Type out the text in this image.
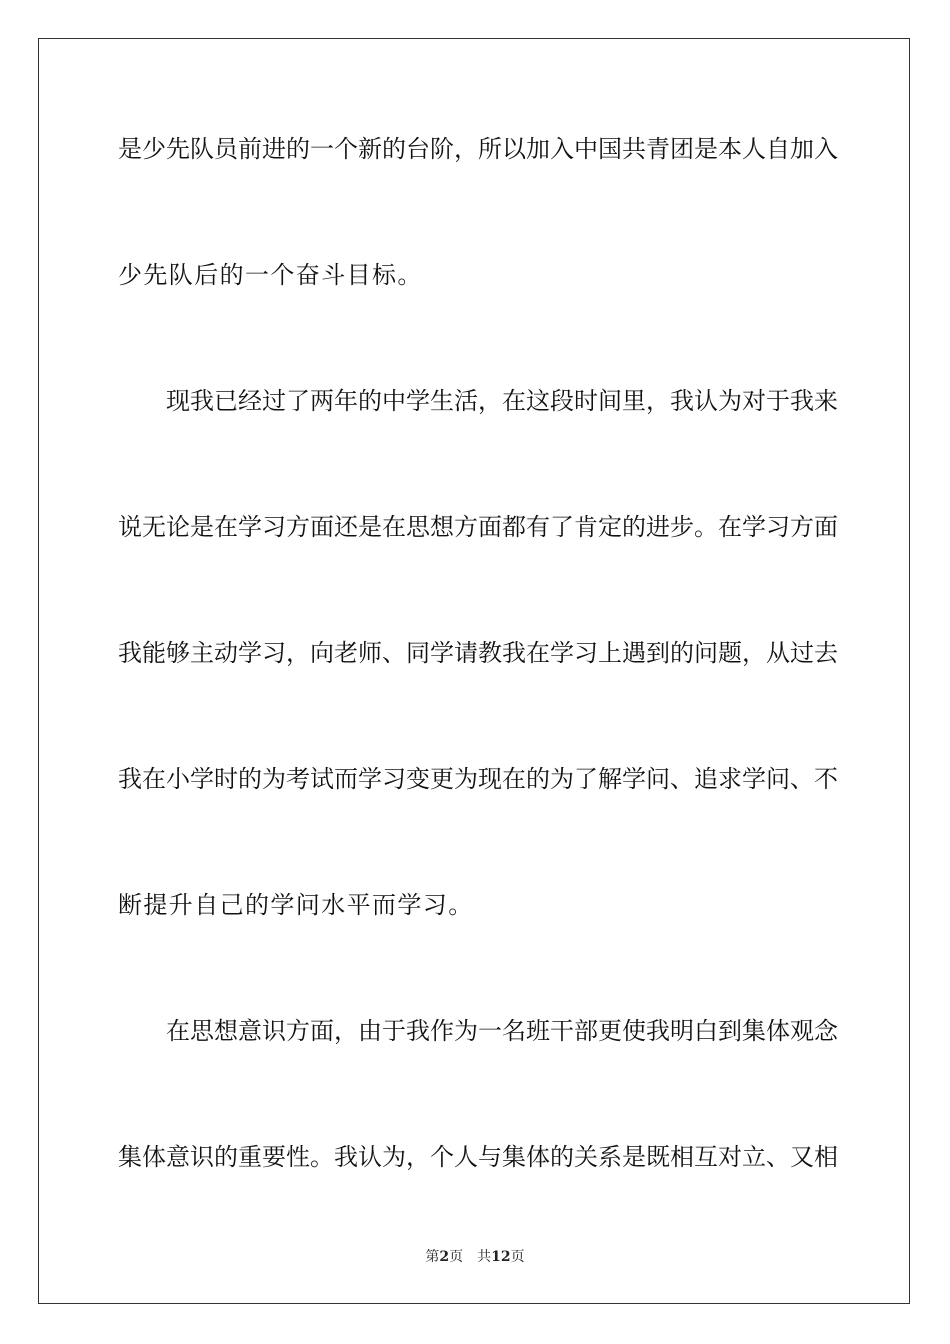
是少先队员前进的一个新的台阶，所以加入中国共青团是本人自加入
少先队后的一个奋斗目标。
现我已经过了两年的中学生活，在这段时间里，我认为对于我来
说无论是在学习方面还是在思想方面都有了肯定的进步。在学习方面
我能够主动学习，向老师、同学请教我在学习上遇到的问题，从过去
我在小学时的为考试而学习变更为现在的为了解学问、追求学问、不
断提升自己的学问水平而学习。
在思想意识方面，由于我作为一名班干部更使我明白到集体观念
集体意识的重要性。我认为，个人与集体的关系是既相互对立、又相
第2页 共12页
